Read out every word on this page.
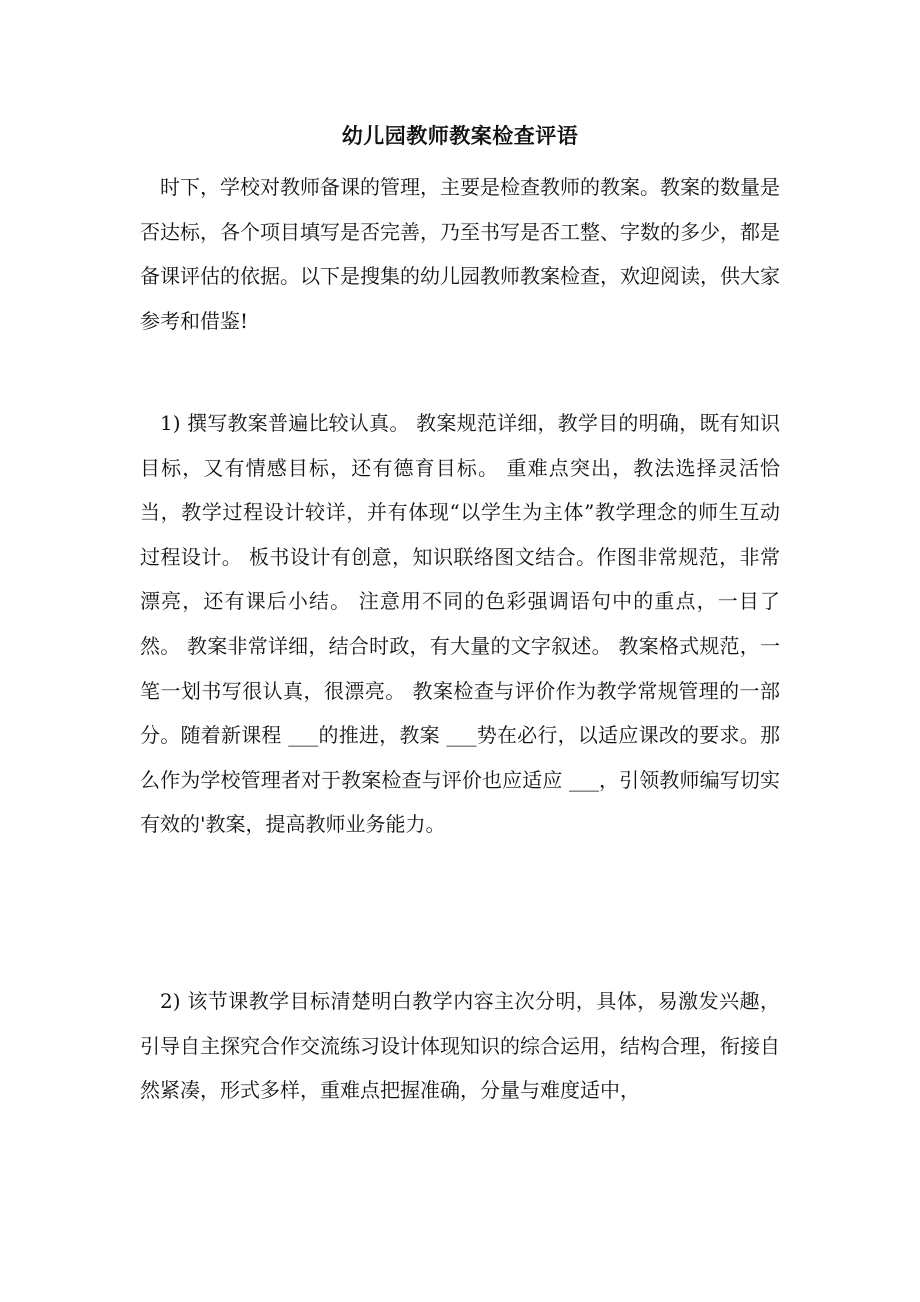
幼儿园教师教案检查评语

时下，学校对教师备课的管理，主要是检查教师的教案。教案的数量是否达标，各个项目填写是否完善，乃至书写是否工整、字数的多少，都是备课评估的依据。以下是搜集的幼儿园教师教案检查，欢迎阅读，供大家参考和借鉴!

1) 撰写教案普遍比较认真。 教案规范详细，教学目的明确，既有知识目标，又有情感目标，还有德育目标。 重难点突出，教法选择灵活恰当，教学过程设计较详，并有体现“以学生为主体”教学理念的师生互动过程设计。 板书设计有创意，知识联络图文结合。作图非常规范，非常漂亮，还有课后小结。 注意用不同的色彩强调语句中的重点，一目了然。 教案非常详细，结合时政，有大量的文字叙述。 教案格式规范，一笔一划书写很认真，很漂亮。 教案检查与评价作为教学常规管理的一部分。随着新课程 ___的推进，教案 ___势在必行，以适应课改的要求。那么作为学校管理者对于教案检查与评价也应适应 ___，引领教师编写切实有效的'教案，提高教师业务能力。

2) 该节课教学目标清楚明白教学内容主次分明，具体，易激发兴趣，引导自主探究合作交流练习设计体现知识的综合运用，结构合理，衔接自然紧凑，形式多样，重难点把握准确，分量与难度适中，
